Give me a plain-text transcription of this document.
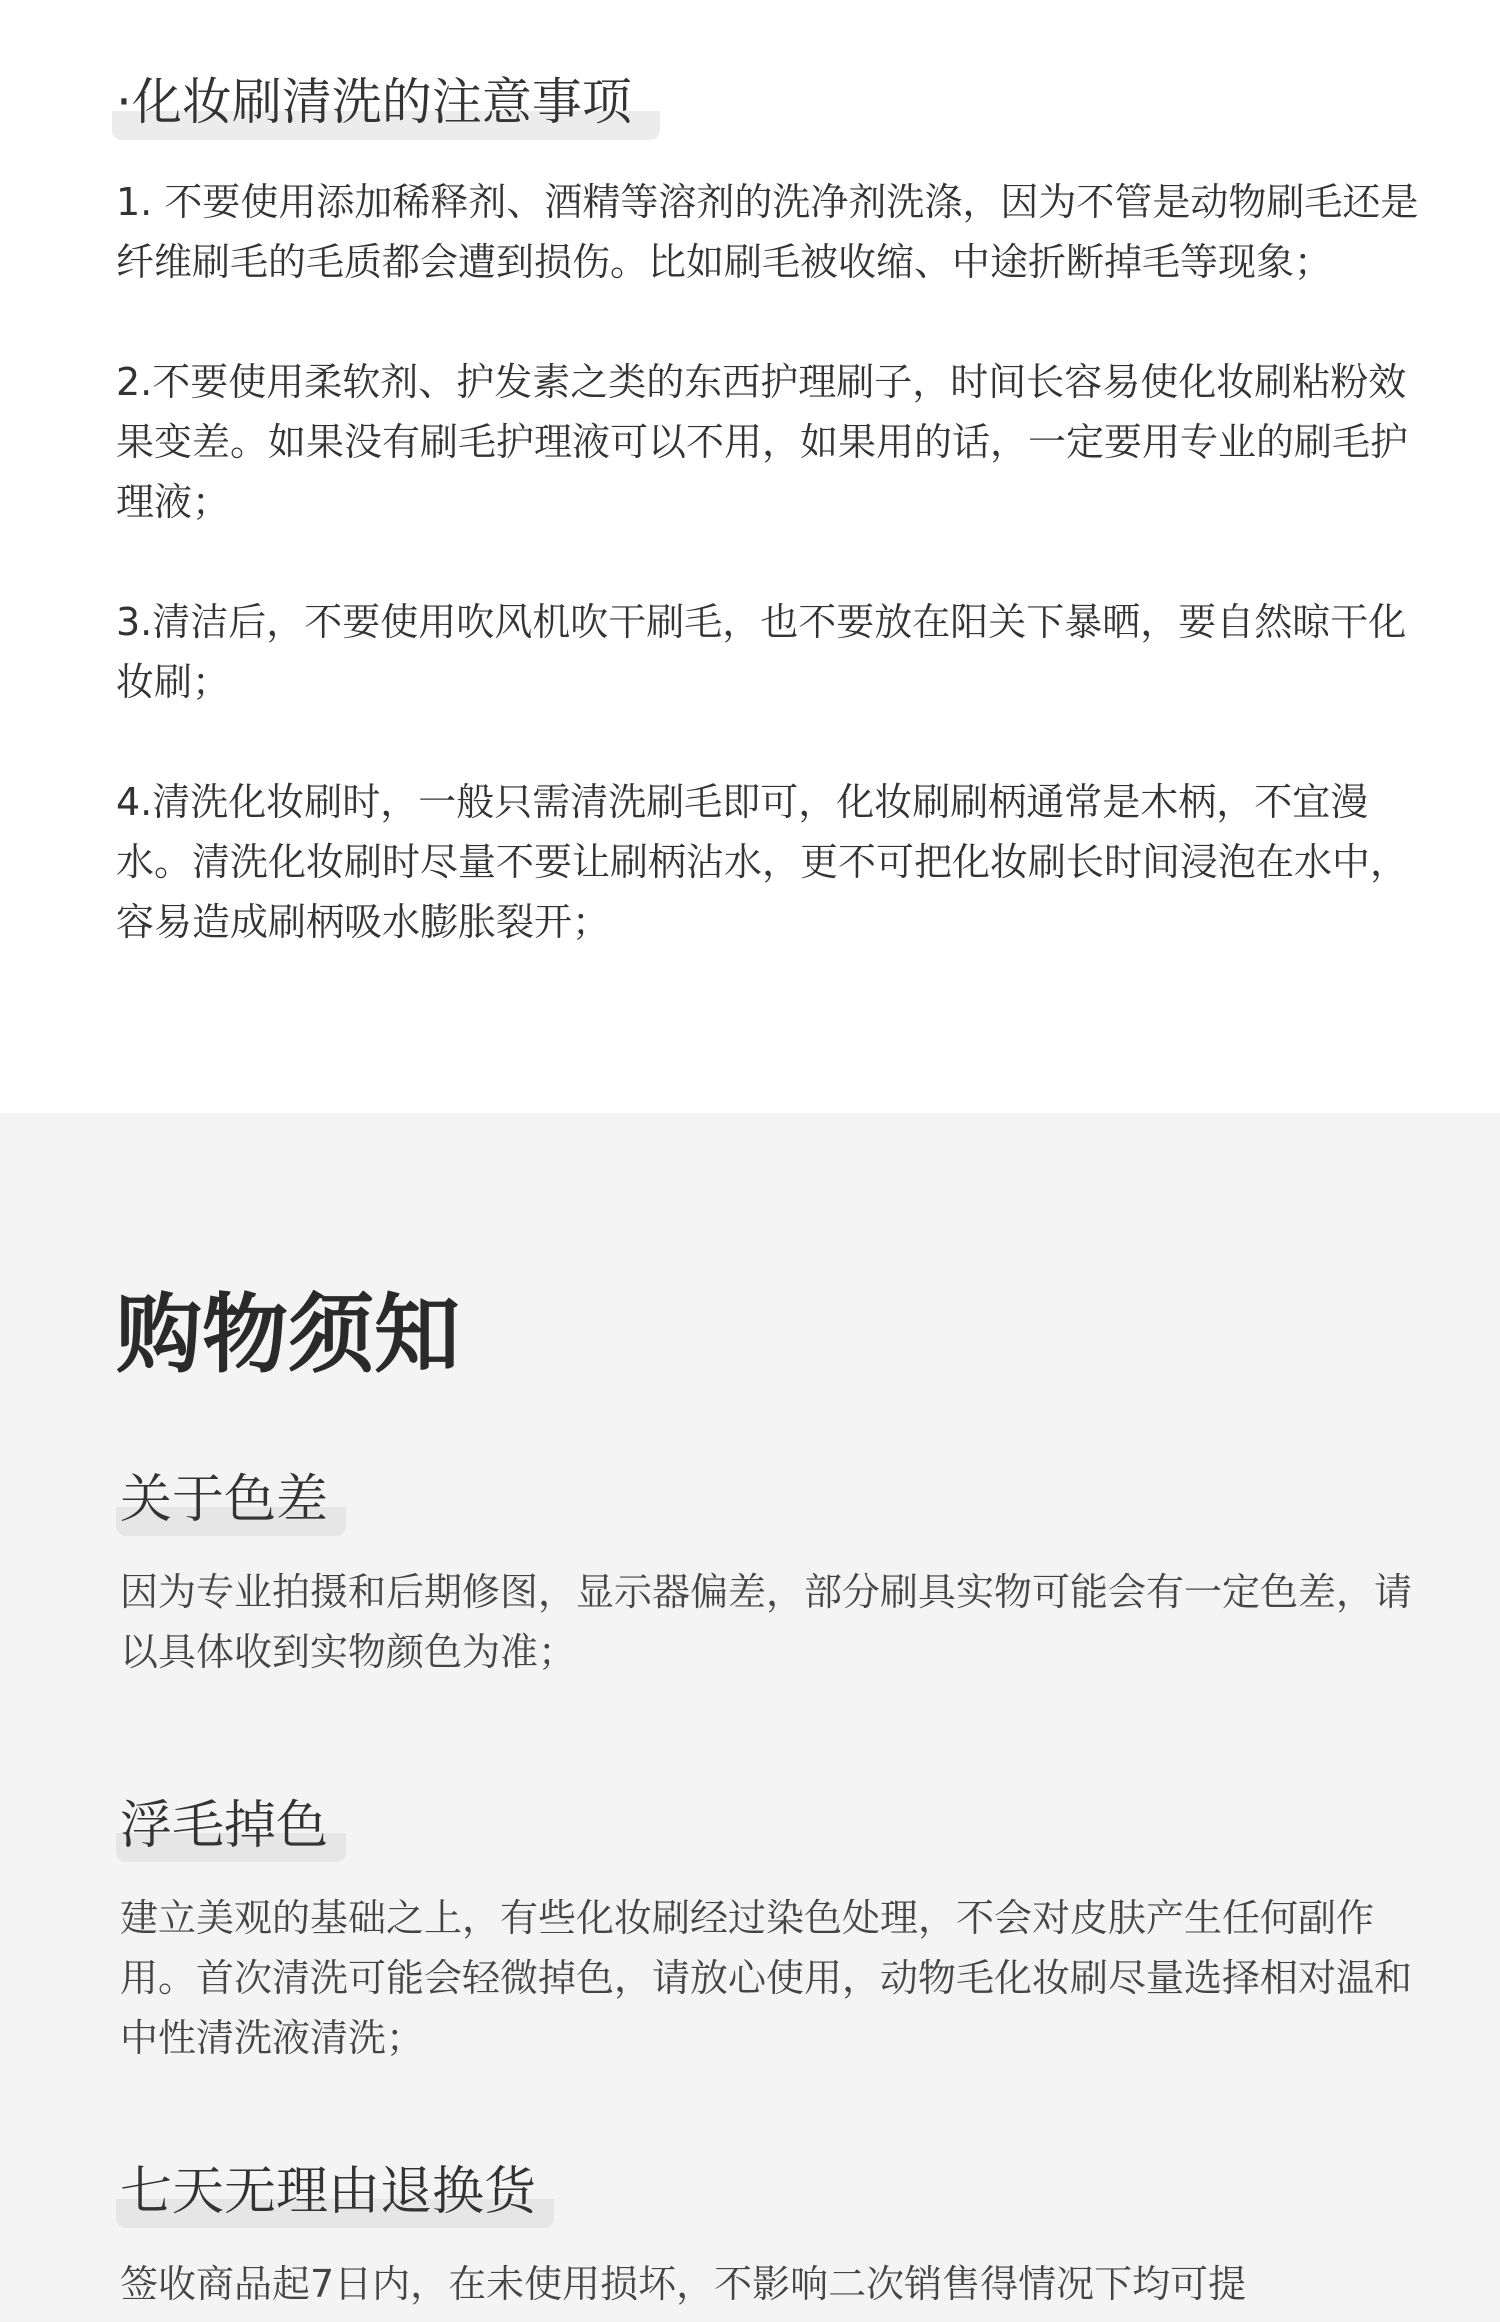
·化妆刷清洗的注意事项
1. 不要使用添加稀释剂、酒精等溶剂的洗净剂洗涤，因为不管是动物刷毛还是纤维刷毛的毛质都会遭到损伤。比如刷毛被收缩、中途折断掉毛等现象；
2.不要使用柔软剂、护发素之类的东西护理刷子，时间长容易使化妆刷粘粉效果变差。如果没有刷毛护理液可以不用，如果用的话，一定要用专业的刷毛护理液；
3.清洁后，不要使用吹风机吹干刷毛，也不要放在阳关下暴晒，要自然晾干化妆刷；
4.清洗化妆刷时，一般只需清洗刷毛即可，化妆刷刷柄通常是木柄，不宜漫水。清洗化妆刷时尽量不要让刷柄沾水，更不可把化妆刷长时间浸泡在水中，容易造成刷柄吸水膨胀裂开；
购物须知
关于色差

因为专业拍摄和后期修图，显示器偏差，部分刷具实物可能会有一定色差，请以具体收到实物颜色为准；

浮毛掉色

建立美观的基础之上，有些化妆刷经过染色处理，不会对皮肤产生任何副作用。首次清洗可能会轻微掉色，请放心使用，动物毛化妆刷尽量选择相对温和中性清洗液清洗；

七天无理由退换货

签收商品起7日内，在未使用损坏，不影响二次销售得情况下均可提
